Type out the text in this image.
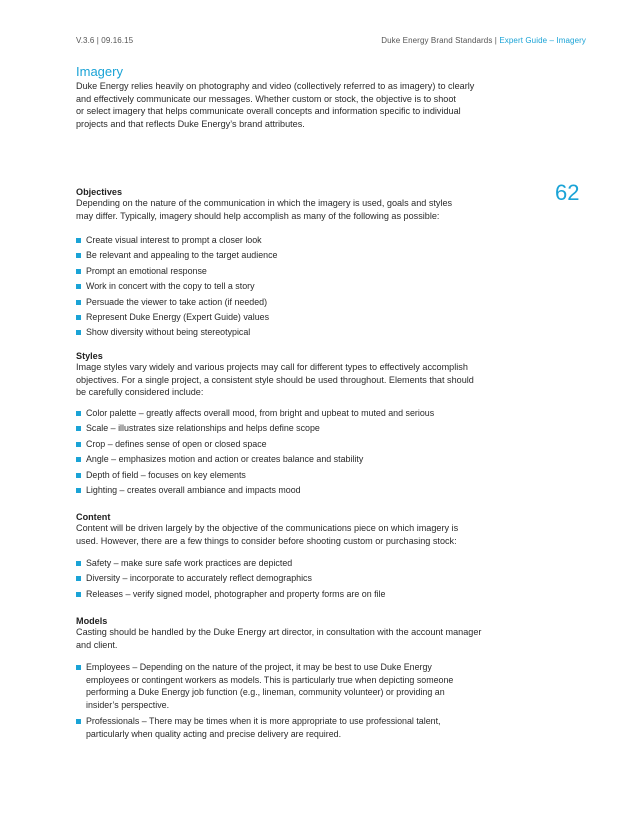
V.3.6 | 09.16.15	Duke Energy Brand Standards | Expert Guide – Imagery
62
Imagery
Duke Energy relies heavily on photography and video (collectively referred to as imagery) to clearly
and effectively communicate our messages. Whether custom or stock, the objective is to shoot
or select imagery that helps communicate overall concepts and information specific to individual
projects and that reflects Duke Energy’s brand attributes.
Objectives
Depending on the nature of the communication in which the imagery is used, goals and styles
may differ. Typically, imagery should help accomplish as many of the following as possible:
Create visual interest to prompt a closer look
Be relevant and appealing to the target audience
Prompt an emotional response
Work in concert with the copy to tell a story
Persuade the viewer to take action (if needed)
Represent Duke Energy (Expert Guide) values
Show diversity without being stereotypical
Styles
Image styles vary widely and various projects may call for different types to effectively accomplish
objectives. For a single project, a consistent style should be used throughout. Elements that should
be carefully considered include:
Color palette – greatly affects overall mood, from bright and upbeat to muted and serious
Scale – illustrates size relationships and helps define scope
Crop – defines sense of open or closed space
Angle – emphasizes motion and action or creates balance and stability
Depth of field – focuses on key elements
Lighting – creates overall ambiance and impacts mood
Content
Content will be driven largely by the objective of the communications piece on which imagery is
used. However, there are a few things to consider before shooting custom or purchasing stock:
Safety – make sure safe work practices are depicted
Diversity – incorporate to accurately reflect demographics
Releases – verify signed model, photographer and property forms are on file
Models
Casting should be handled by the Duke Energy art director, in consultation with the account manager
and client.
Employees – Depending on the nature of the project, it may be best to use Duke Energy
employees or contingent workers as models. This is particularly true when depicting someone
performing a Duke Energy job function (e.g., lineman, community volunteer) or providing an
insider’s perspective.
Professionals – There may be times when it is more appropriate to use professional talent,
particularly when quality acting and precise delivery are required.
